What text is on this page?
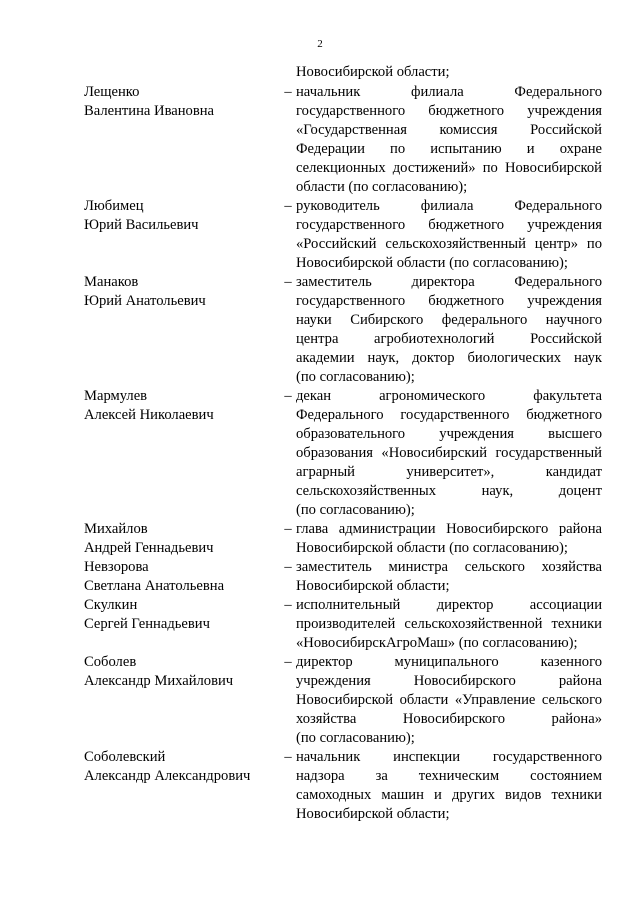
2
Новосибирской области;
Лещенко
Валентина Ивановна
– начальник филиала Федерального
государственного бюджетного учреждения
«Государственная комиссия Российской
Федерации по испытанию и охране
селекционных достижений» по Новосибирской
области (по согласованию);
Любимец
Юрий Васильевич
– руководитель филиала Федерального
государственного бюджетного учреждения
«Российский сельскохозяйственный центр» по
Новосибирской области (по согласованию);
Манаков
Юрий Анатольевич
– заместитель директора Федерального
государственного бюджетного учреждения
науки Сибирского федерального научного
центра агробиотехнологий Российской
академии наук, доктор биологических наук
(по согласованию);
Мармулев
Алексей Николаевич
– декан агрономического факультета
Федерального государственного бюджетного
образовательного учреждения высшего
образования «Новосибирский государственный
аграрный университет», кандидат
сельскохозяйственных наук, доцент
(по согласованию);
Михайлов
Андрей Геннадьевич
– глава администрации Новосибирского района
Новосибирской области (по согласованию);
Невзорова
Светлана Анатольевна
– заместитель министра сельского хозяйства
Новосибирской области;
Скулкин
Сергей Геннадьевич
– исполнительный директор ассоциации
производителей сельскохозяйственной техники
«НовосибирскАгроМаш» (по согласованию);
Соболев
Александр Михайлович
– директор муниципального казенного
учреждения Новосибирского района
Новосибирской области «Управление сельского
хозяйства Новосибирского района»
(по согласованию);
Соболевский
Александр Александрович
– начальник инспекции государственного
надзора за техническим состоянием
самоходных машин и других видов техники
Новосибирской области;
